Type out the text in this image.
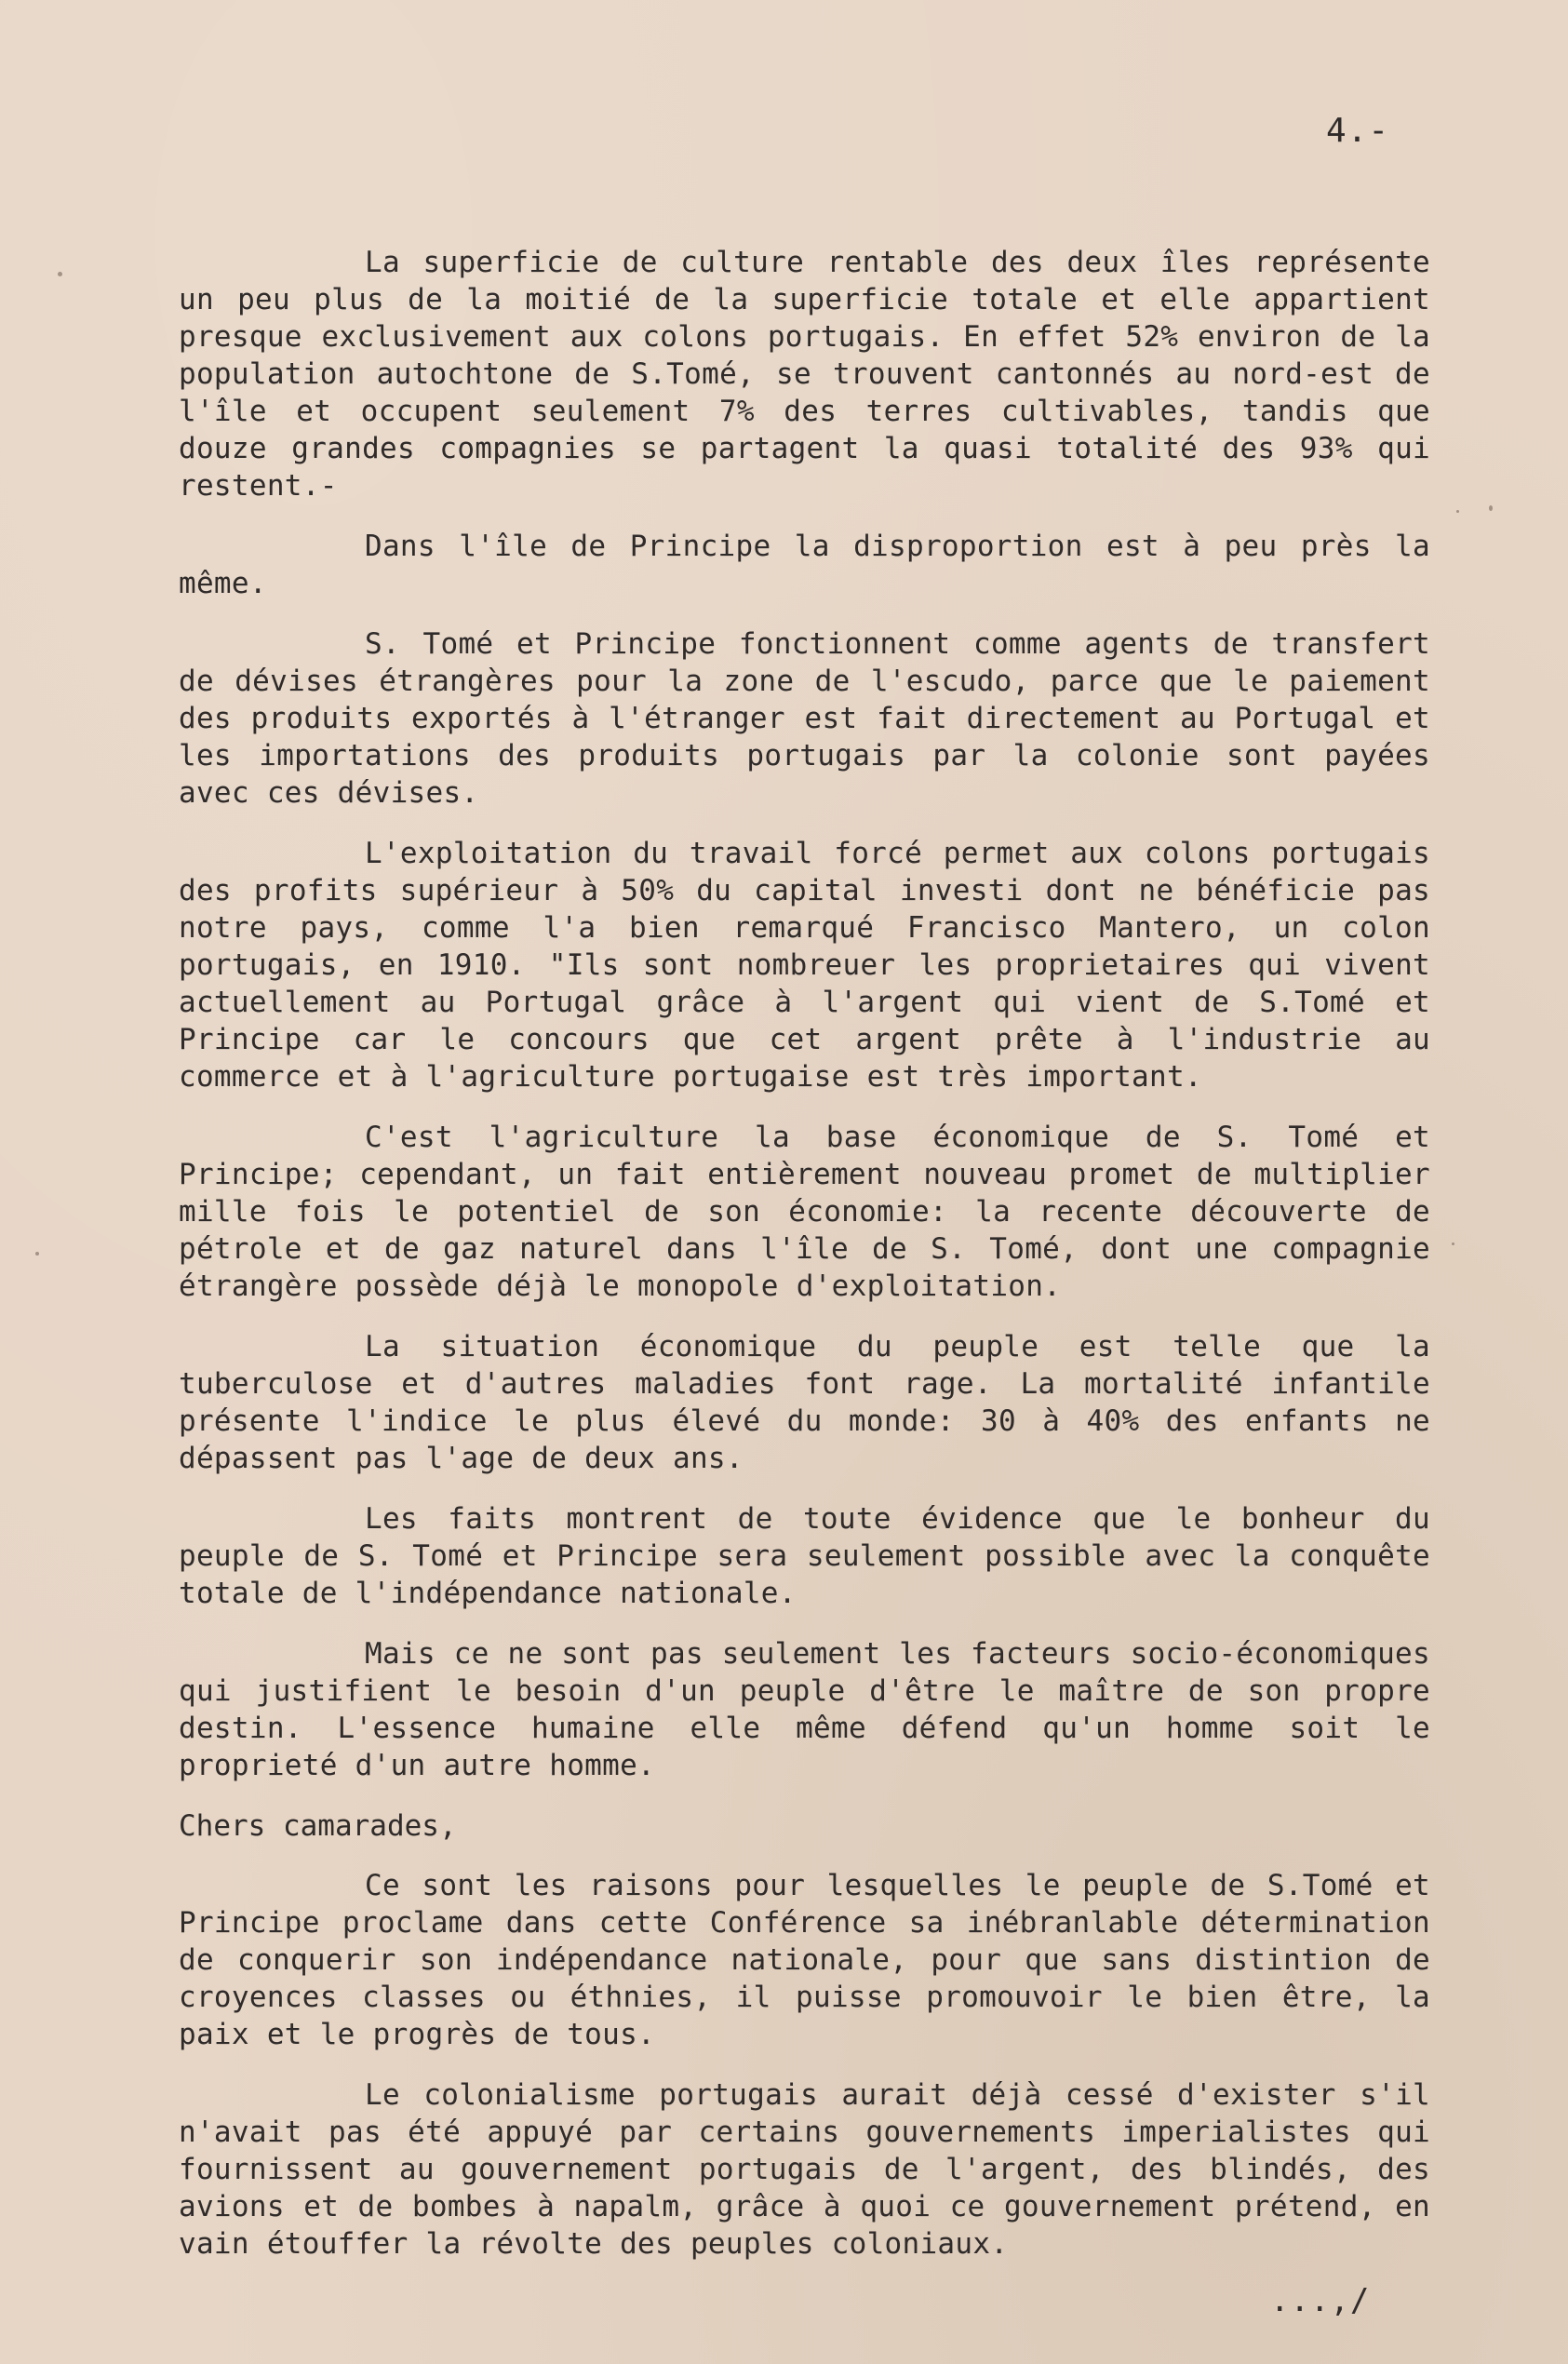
4.-

La superficie de culture rentable des deux îles représente un peu plus de la moitié de la superficie totale et elle appartient presque exclusivement aux colons portugais. En effet 52% environ de la population autochtone de S.Tomé, se trouvent cantonnés au nord-est de l'île et occupent seulement 7% des terres cultivables, tandis que douze grandes compagnies se partagent la quasi totalité des 93% qui restent.-

Dans l'île de Principe la disproportion est à peu près la même.

S. Tomé et Principe fonctionnent comme agents de transfert de dévises étrangères pour la zone de l'escudo, parce que le paiement des produits exportés à l'étranger est fait directement au Portugal et les importations des produits portugais par la colonie sont payées avec ces dévises.

L'exploitation du travail forcé permet aux colons portugais des profits supérieur à 50% du capital investi dont ne bénéficie pas notre pays, comme l'a bien remarqué Francisco Mantero, un colon portugais, en 1910. "Ils sont nombreuer les proprietaires qui vivent actuellement au Portugal grâce à l'argent qui vient de S.Tomé et Principe car le concours que cet argent prête à l'industrie au commerce et à l'agriculture portugaise est très important.

C'est l'agriculture la base économique de S. Tomé et Principe; cependant, un fait entièrement nouveau promet de multiplier mille fois le potentiel de son économie: la recente découverte de pétrole et de gaz naturel dans l'île de S. Tomé, dont une compagnie étrangère possède déjà le monopole d'exploitation.

La situation économique du peuple est telle que la tuberculose et d'autres maladies font rage. La mortalité infantile présente l'indice le plus élevé du monde: 30 à 40% des enfants ne dépassent pas l'age de deux ans.

Les faits montrent de toute évidence que le bonheur du peuple de S. Tomé et Principe sera seulement possible avec la conquête totale de l'indépendance nationale.

Mais ce ne sont pas seulement les facteurs socio-économiques qui justifient le besoin d'un peuple d'être le maître de son propre destin. L'essence humaine elle même défend qu'un homme soit le proprieté d'un autre homme.

Chers camarades,

Ce sont les raisons pour lesquelles le peuple de S.Tomé et Principe proclame dans cette Conférence sa inébranlable détermination de conquerir son indépendance nationale, pour que sans distintion de croyences classes ou éthnies, il puisse promouvoir le bien être, la paix et le progrès de tous.

Le colonialisme portugais aurait déjà cessé d'exister s'il n'avait pas été appuyé par certains gouvernements imperialistes qui fournissent au gouvernement portugais de l'argent, des blindés, des avions et de bombes à napalm, grâce à quoi ce gouvernement prétend, en vain étouffer la révolte des peuples coloniaux.

...,/
